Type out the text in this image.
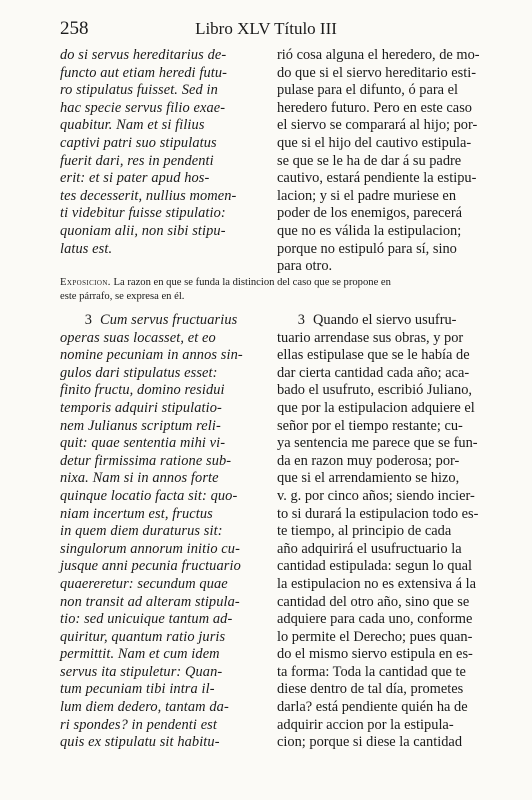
258	Libro XLV Título III
do si servus hereditarius de-
functo aut etiam heredi futu-
ro stipulatus fuisset. Sed in
hac specie servus filio exae-
quabitur. Nam et si filius
captivi patri suo stipulatus
fuerit dari, res in pendenti
erit: et si pater apud hos-
tes decesserit, nullius momen-
ti videbitur fuisse stipulatio:
quoniam alii, non sibi stipu-
latus est.
rió cosa alguna el heredero, de mo-
do que si el siervo hereditario esti-
pulase para el difunto, ó para el
heredero futuro. Pero en este caso
el siervo se comparará al hijo; por-
que si el hijo del cautivo estipula-
se que se le ha de dar á su padre
cautivo, estará pendiente la estipu-
lacion; y si el padre muriese en
poder de los enemigos, parecerá
que no es válida la estipulacion;
porque no estipuló para sí, sino
para otro.
Exposicion. La razon en que se funda la distincion del caso que se propone en
este párrafo, se expresa en él.
3 Cum servus fructuarius
operas suas locasset, et eo
nomine pecuniam in annos sin-
gulos dari stipulatus esset:
finito fructu, domino residui
temporis adquiri stipulatio-
nem Julianus scriptum reli-
quit: quae sententia mihi vi-
detur firmissima ratione sub-
nixa. Nam si in annos forte
quinque locatio facta sit: quo-
niam incertum est, fructus
in quem diem duraturus sit:
singulorum annorum initio cu-
jusque anni pecunia fructuario
quaereretur: secundum quae
non transit ad alteram stipula-
tio: sed unicuique tantum ad-
quiritur, quantum ratio juris
permittit. Nam et cum idem
servus ita stipuletur: Quan-
tum pecuniam tibi intra il-
lum diem dedero, tantam da-
ri spondes? in pendenti est
quis ex stipulatu sit habitu-
3 Quando el siervo usufru-
tuario arrendase sus obras, y por
ellas estipulase que se le había de
dar cierta cantidad cada año; aca-
bado el usufruto, escribió Juliano,
que por la estipulacion adquiere el
señor por el tiempo restante; cu-
ya sentencia me parece que se fun-
da en razon muy poderosa; por-
que si el arrendamiento se hizo,
v. g. por cinco años; siendo incier-
to si durará la estipulacion todo es-
te tiempo, al principio de cada
año adquirirá el usufructuario la
cantidad estipulada: segun lo qual
la estipulacion no es extensiva á la
cantidad del otro año, sino que se
adquiere para cada uno, conforme
lo permite el Derecho; pues quan-
do el mismo siervo estipula en es-
ta forma: Toda la cantidad que te
diese dentro de tal día, prometes
darla? está pendiente quién ha de
adquirir accion por la estipula-
cion; porque si diese la cantidad
